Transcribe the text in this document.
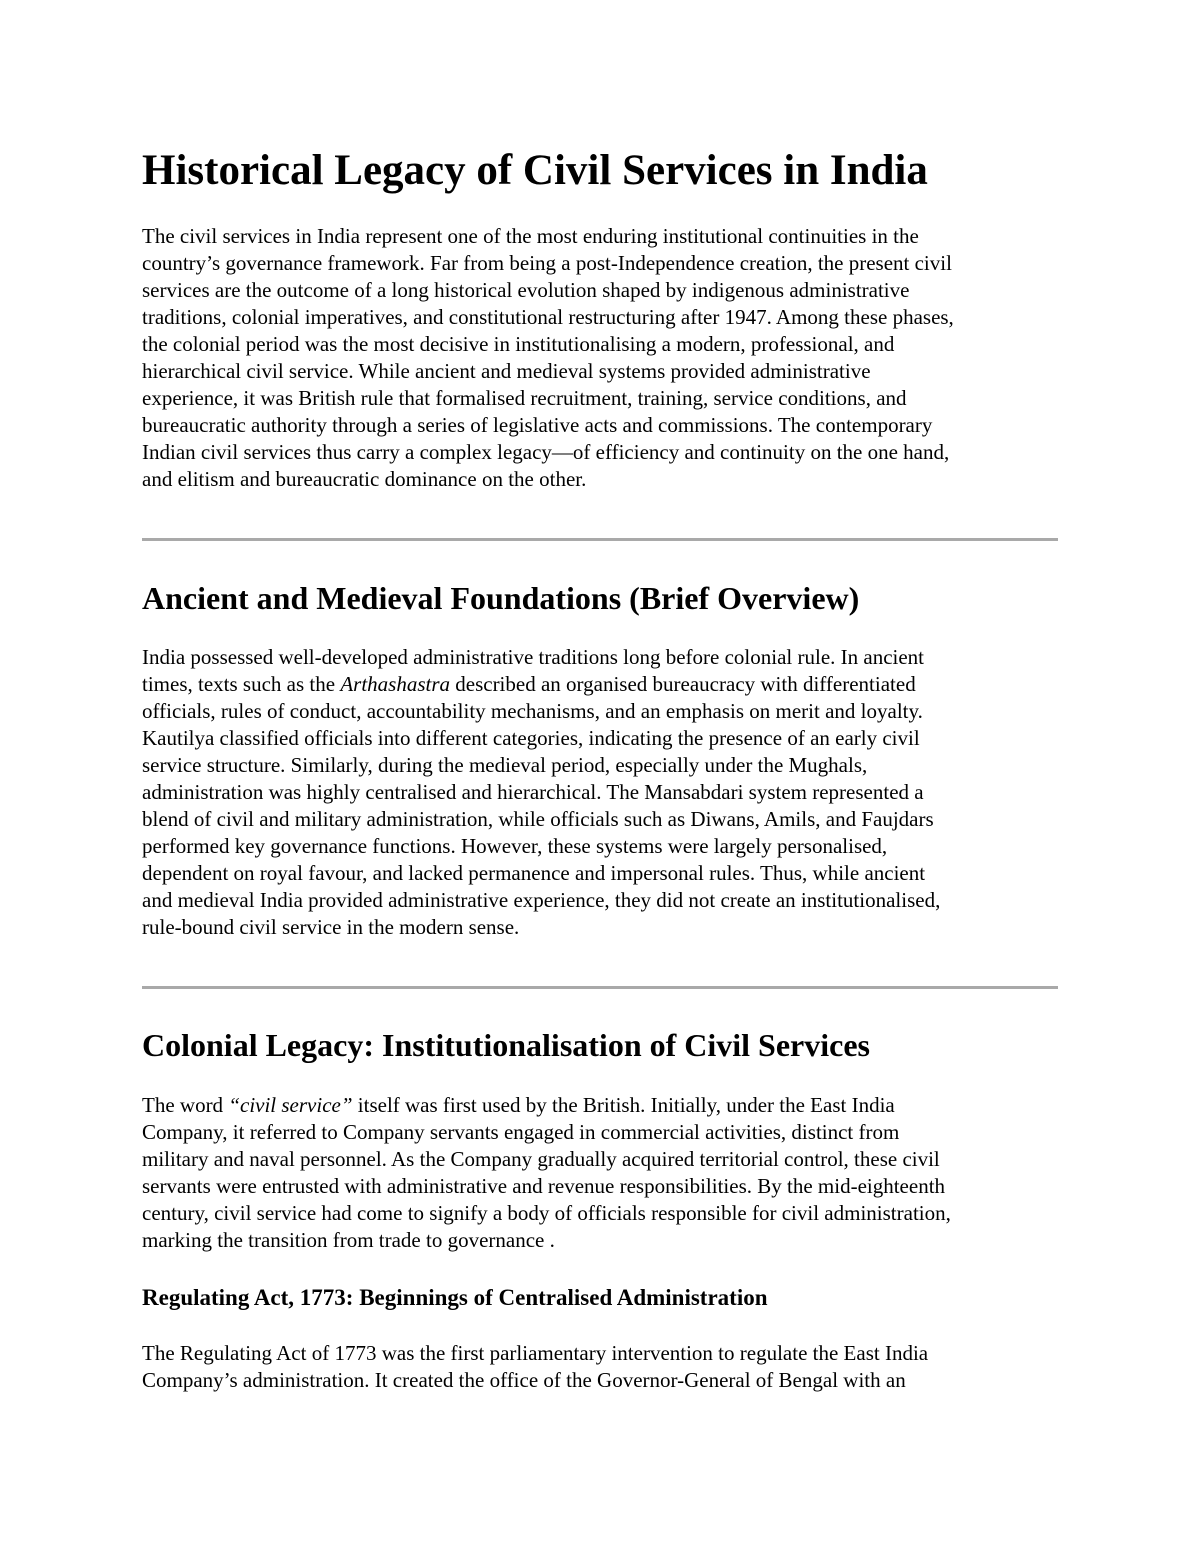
Historical Legacy of Civil Services in India

The civil services in India represent one of the most enduring institutional continuities in the
country’s governance framework. Far from being a post-Independence creation, the present civil
services are the outcome of a long historical evolution shaped by indigenous administrative
traditions, colonial imperatives, and constitutional restructuring after 1947. Among these phases,
the colonial period was the most decisive in institutionalising a modern, professional, and
hierarchical civil service. While ancient and medieval systems provided administrative
experience, it was British rule that formalised recruitment, training, service conditions, and
bureaucratic authority through a series of legislative acts and commissions. The contemporary
Indian civil services thus carry a complex legacy—of efficiency and continuity on the one hand,
and elitism and bureaucratic dominance on the other.

Ancient and Medieval Foundations (Brief Overview)

India possessed well-developed administrative traditions long before colonial rule. In ancient
times, texts such as the Arthashastra described an organised bureaucracy with differentiated
officials, rules of conduct, accountability mechanisms, and an emphasis on merit and loyalty.
Kautilya classified officials into different categories, indicating the presence of an early civil
service structure. Similarly, during the medieval period, especially under the Mughals,
administration was highly centralised and hierarchical. The Mansabdari system represented a
blend of civil and military administration, while officials such as Diwans, Amils, and Faujdars
performed key governance functions. However, these systems were largely personalised,
dependent on royal favour, and lacked permanence and impersonal rules. Thus, while ancient
and medieval India provided administrative experience, they did not create an institutionalised,
rule-bound civil service in the modern sense.

Colonial Legacy: Institutionalisation of Civil Services

The word “civil service” itself was first used by the British. Initially, under the East India
Company, it referred to Company servants engaged in commercial activities, distinct from
military and naval personnel. As the Company gradually acquired territorial control, these civil
servants were entrusted with administrative and revenue responsibilities. By the mid-eighteenth
century, civil service had come to signify a body of officials responsible for civil administration,
marking the transition from trade to governance .

Regulating Act, 1773: Beginnings of Centralised Administration

The Regulating Act of 1773 was the first parliamentary intervention to regulate the East India
Company’s administration. It created the office of the Governor-General of Bengal with an
